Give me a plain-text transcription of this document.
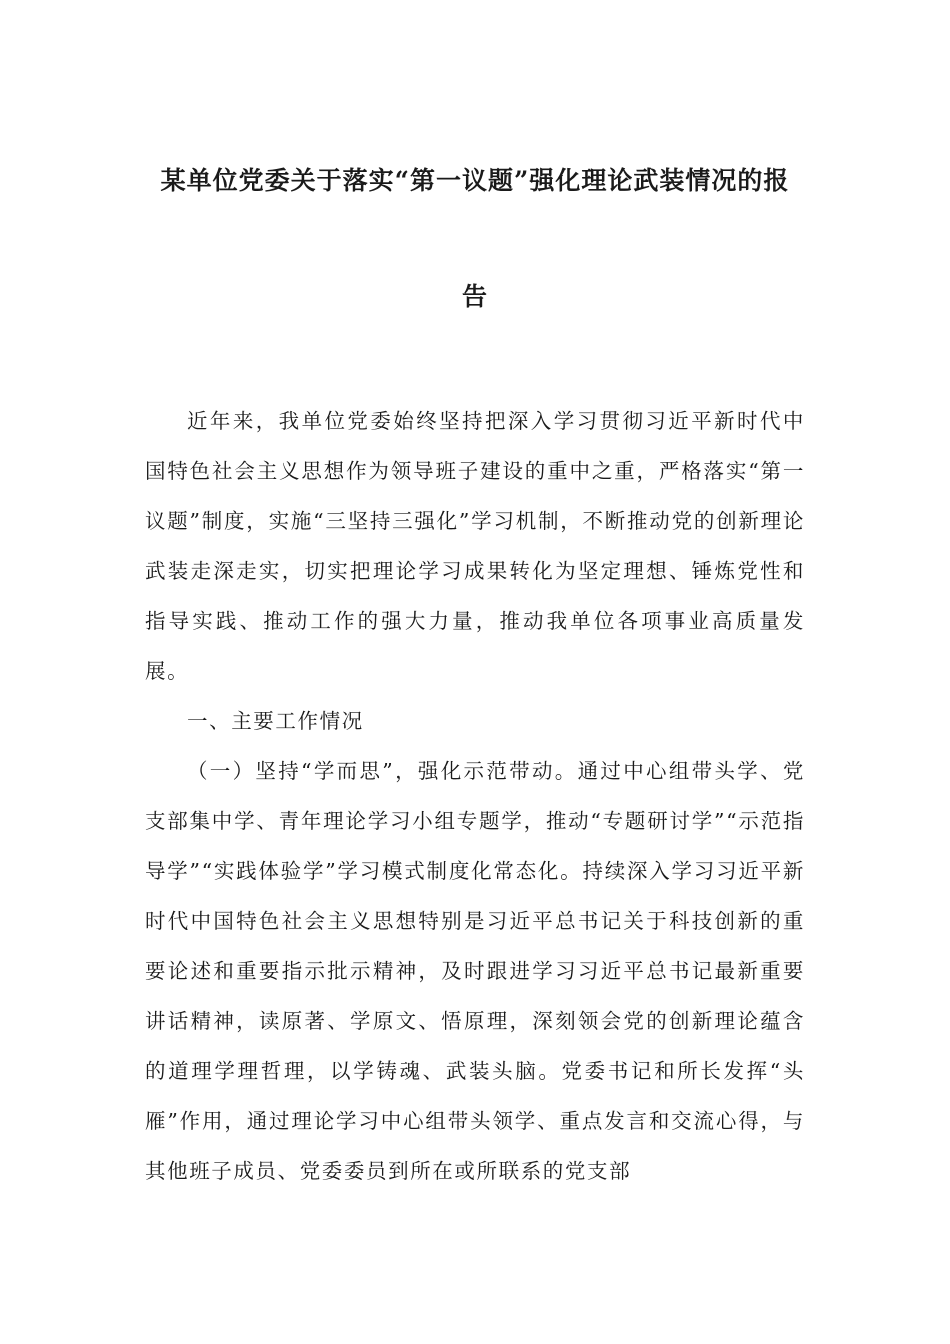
某单位党委关于落实“第一议题”强化理论武装情况的报
告

近年来，我单位党委始终坚持把深入学习贯彻习近平新时代中国特色社会主义思想作为领导班子建设的重中之重，严格落实“第一议题”制度，实施“三坚持三强化”学习机制，不断推动党的创新理论武装走深走实，切实把理论学习成果转化为坚定理想、锤炼党性和指导实践、推动工作的强大力量，推动我单位各项事业高质量发展。

一、主要工作情况

（一）坚持“学而思”，强化示范带动。通过中心组带头学、党支部集中学、青年理论学习小组专题学，推动“专题研讨学”“示范指导学”“实践体验学”学习模式制度化常态化。持续深入学习习近平新时代中国特色社会主义思想特别是习近平总书记关于科技创新的重要论述和重要指示批示精神，及时跟进学习习近平总书记最新重要讲话精神，读原著、学原文、悟原理，深刻领会党的创新理论蕴含的道理学理哲理，以学铸魂、武装头脑。党委书记和所长发挥“头雁”作用，通过理论学习中心组带头领学、重点发言和交流心得，与其他班子成员、党委委员到所在或所联系的党支部
